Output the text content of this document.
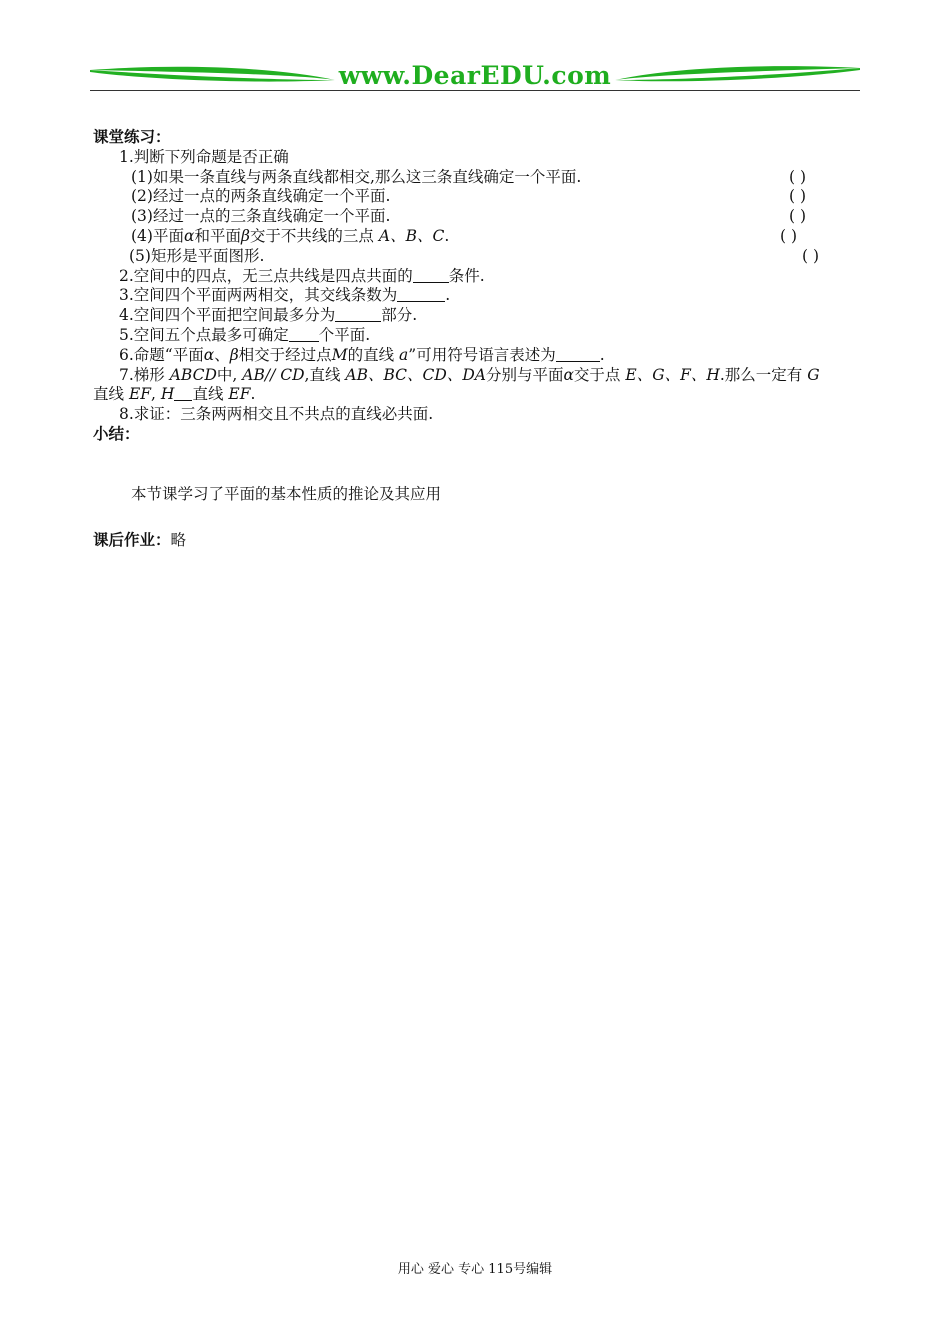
www.DearEDU.com
课堂练习：
1.判断下列命题是否正确
(1)如果一条直线与两条直线都相交,那么这三条直线确定一个平面.	( )
(2)经过一点的两条直线确定一个平面.	( )
(3)经过一点的三条直线确定一个平面.	( )
(4)平面 α 和平面 β 交于不共线的三点
A、B、C .	( )
(5)矩形是平面图形.	( )
2.空间中的四点，无三点共线是四点共面的 条件.
3.空间四个平面两两相交，其交线条数为	.
4.空间四个平面把空间最多分为	部分.
5.空间五个点最多可确定 个平面.
6.命题“平面 α 、 β 相交于经过点 M 的直线
a ”可用符号语言表述为	.
7.梯形
ABCD 中,
AB// CD ,直线
AB、BC、CD、DA 分别与平面 α 交于点
E、G、F、H .那么一定有
G
直线
EF ,
H 直线
EF .
8.求证：三条两两相交且不共点的直线必共面.
小结：
本节课学习了平面的基本性质的推论及其应用
课后作业：略
用心 爱心 专心 115号编辑
